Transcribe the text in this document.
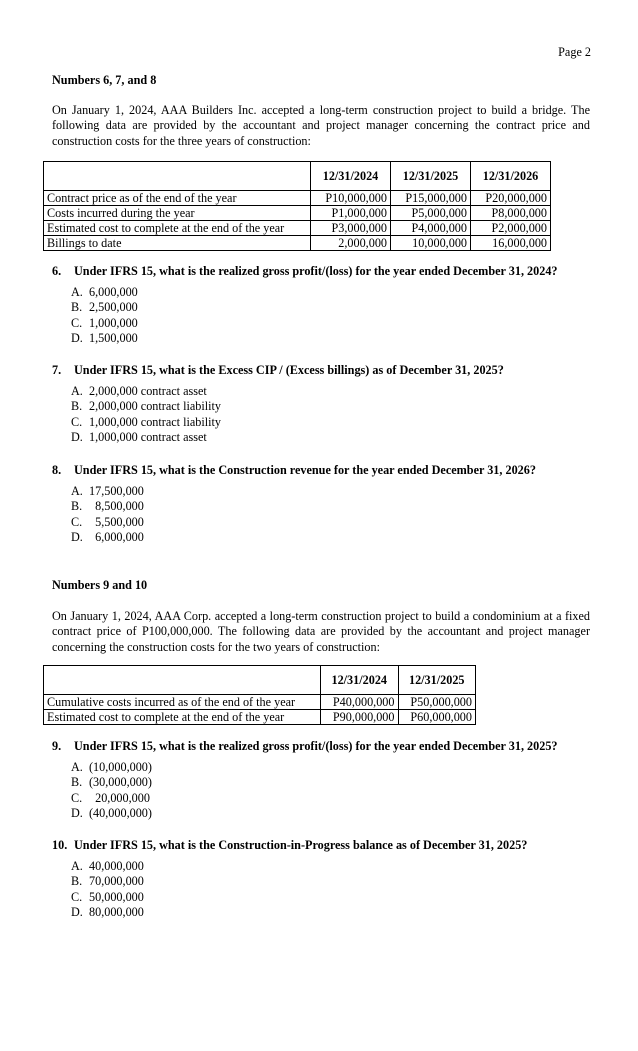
Page 2
Numbers 6, 7, and 8
On January 1, 2024, AAA Builders Inc. accepted a long-term construction project to build a bridge. The following data are provided by the accountant and project manager concerning the contract price and construction costs for the three years of construction:
	12/31/2024	12/31/2025	12/31/2026
Contract price as of the end of the year	P10,000,000	P15,000,000	P20,000,000
Costs incurred during the year	P1,000,000	P5,000,000	P8,000,000
Estimated cost to complete at the end of the year	P3,000,000	P4,000,000	P2,000,000
Billings to date	2,000,000	10,000,000	16,000,000
6. Under IFRS 15, what is the realized gross profit/(loss) for the year ended December 31, 2024?
A. 6,000,000
B. 2,500,000
C. 1,000,000
D. 1,500,000
7. Under IFRS 15, what is the Excess CIP / (Excess billings) as of December 31, 2025?
A. 2,000,000 contract asset
B. 2,000,000 contract liability
C. 1,000,000 contract liability
D. 1,000,000 contract asset
8. Under IFRS 15, what is the Construction revenue for the year ended December 31, 2026?
A. 17,500,000
B.  8,500,000
C.  5,500,000
D.  6,000,000
Numbers 9 and 10
On January 1, 2024, AAA Corp. accepted a long-term construction project to build a condominium at a fixed contract price of P100,000,000. The following data are provided by the accountant and project manager concerning the construction costs for the two years of construction:
	12/31/2024	12/31/2025
Cumulative costs incurred as of the end of the year	P40,000,000	P50,000,000
Estimated cost to complete at the end of the year	P90,000,000	P60,000,000
9. Under IFRS 15, what is the realized gross profit/(loss) for the year ended December 31, 2025?
A. (10,000,000)
B. (30,000,000)
C.  20,000,000
D. (40,000,000)
10. Under IFRS 15, what is the Construction-in-Progress balance as of December 31, 2025?
A. 40,000,000
B. 70,000,000
C. 50,000,000
D. 80,000,000
